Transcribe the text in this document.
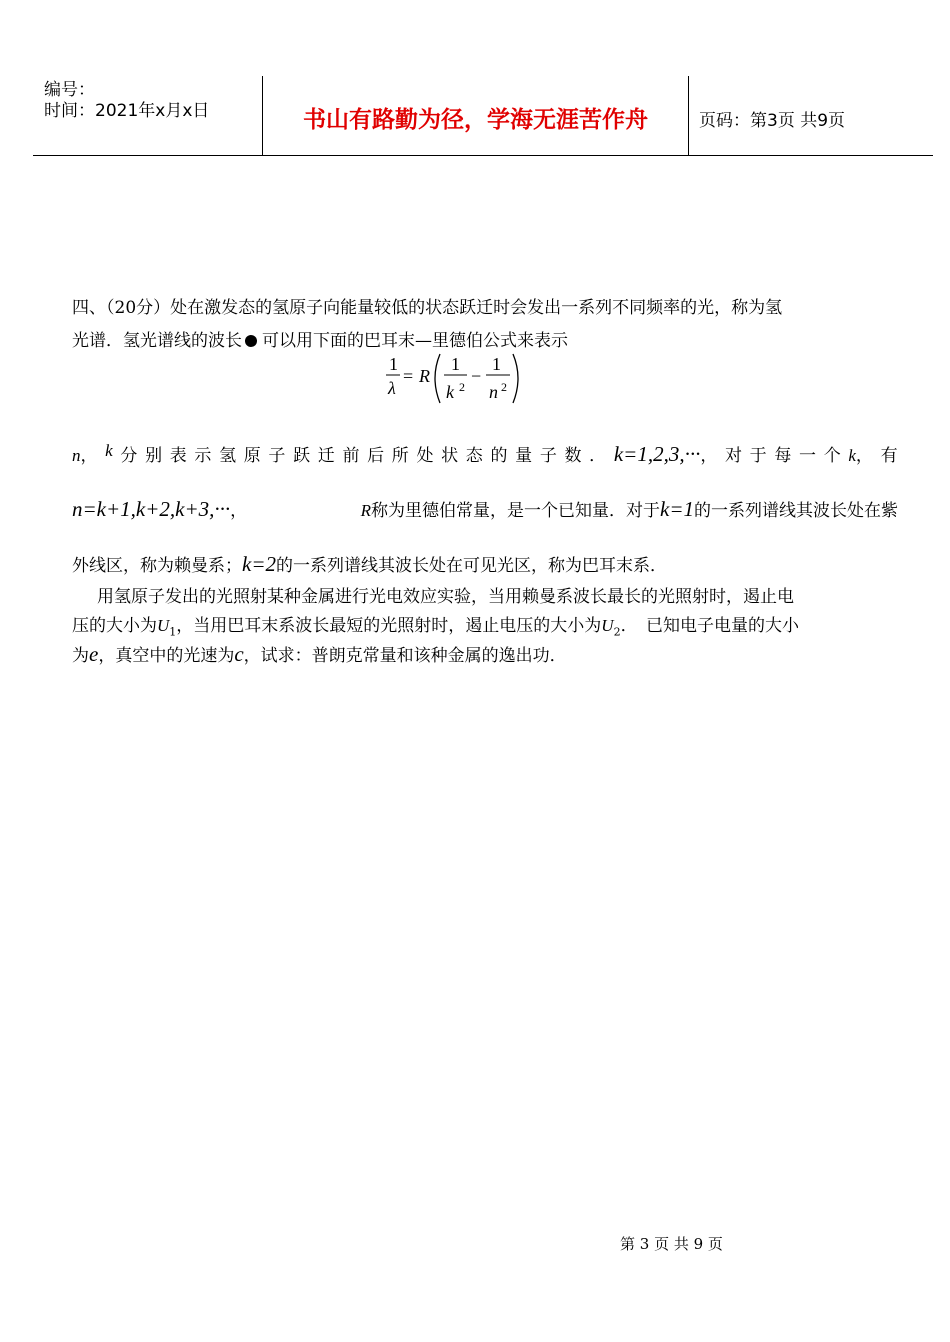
编号：
时间：2021年x月x日	书山有路勤为径，学海无涯苦作舟	页码：第3页 共9页
四、（20分）处在激发态的氢原子向能量较低的状态跃迁时会发出一系列不同频率的光，称为氢
光谱．氢光谱线的波长 可以用下面的巴耳末—里德伯公式来表示
n， k 分 别 表 示 氢 原 子 跃 迁 前 后 所 处 状 态 的 量 子 数 ． k=1,2,3,···， 对 于 每 一 个 k， 有
n=k+1,k+2,k+3,···，	R称为里德伯常量，是一个已知量．对于k=1的一系列谱线其波长处在紫
外线区，称为赖曼系；k=2的一系列谱线其波长处在可见光区，称为巴耳末系．
用氢原子发出的光照射某种金属进行光电效应实验，当用赖曼系波长最长的光照射时，遏止电
压的大小为$U_1$，当用巴耳末系波长最短的光照射时，遏止电压的大小为$U_2$．　已知电子电量的大小
为e，真空中的光速为c，试求：普朗克常量和该种金属的逸出功．
1
λ
= R
1
k 2
−
1
n 2
第 3 页 共 9 页
